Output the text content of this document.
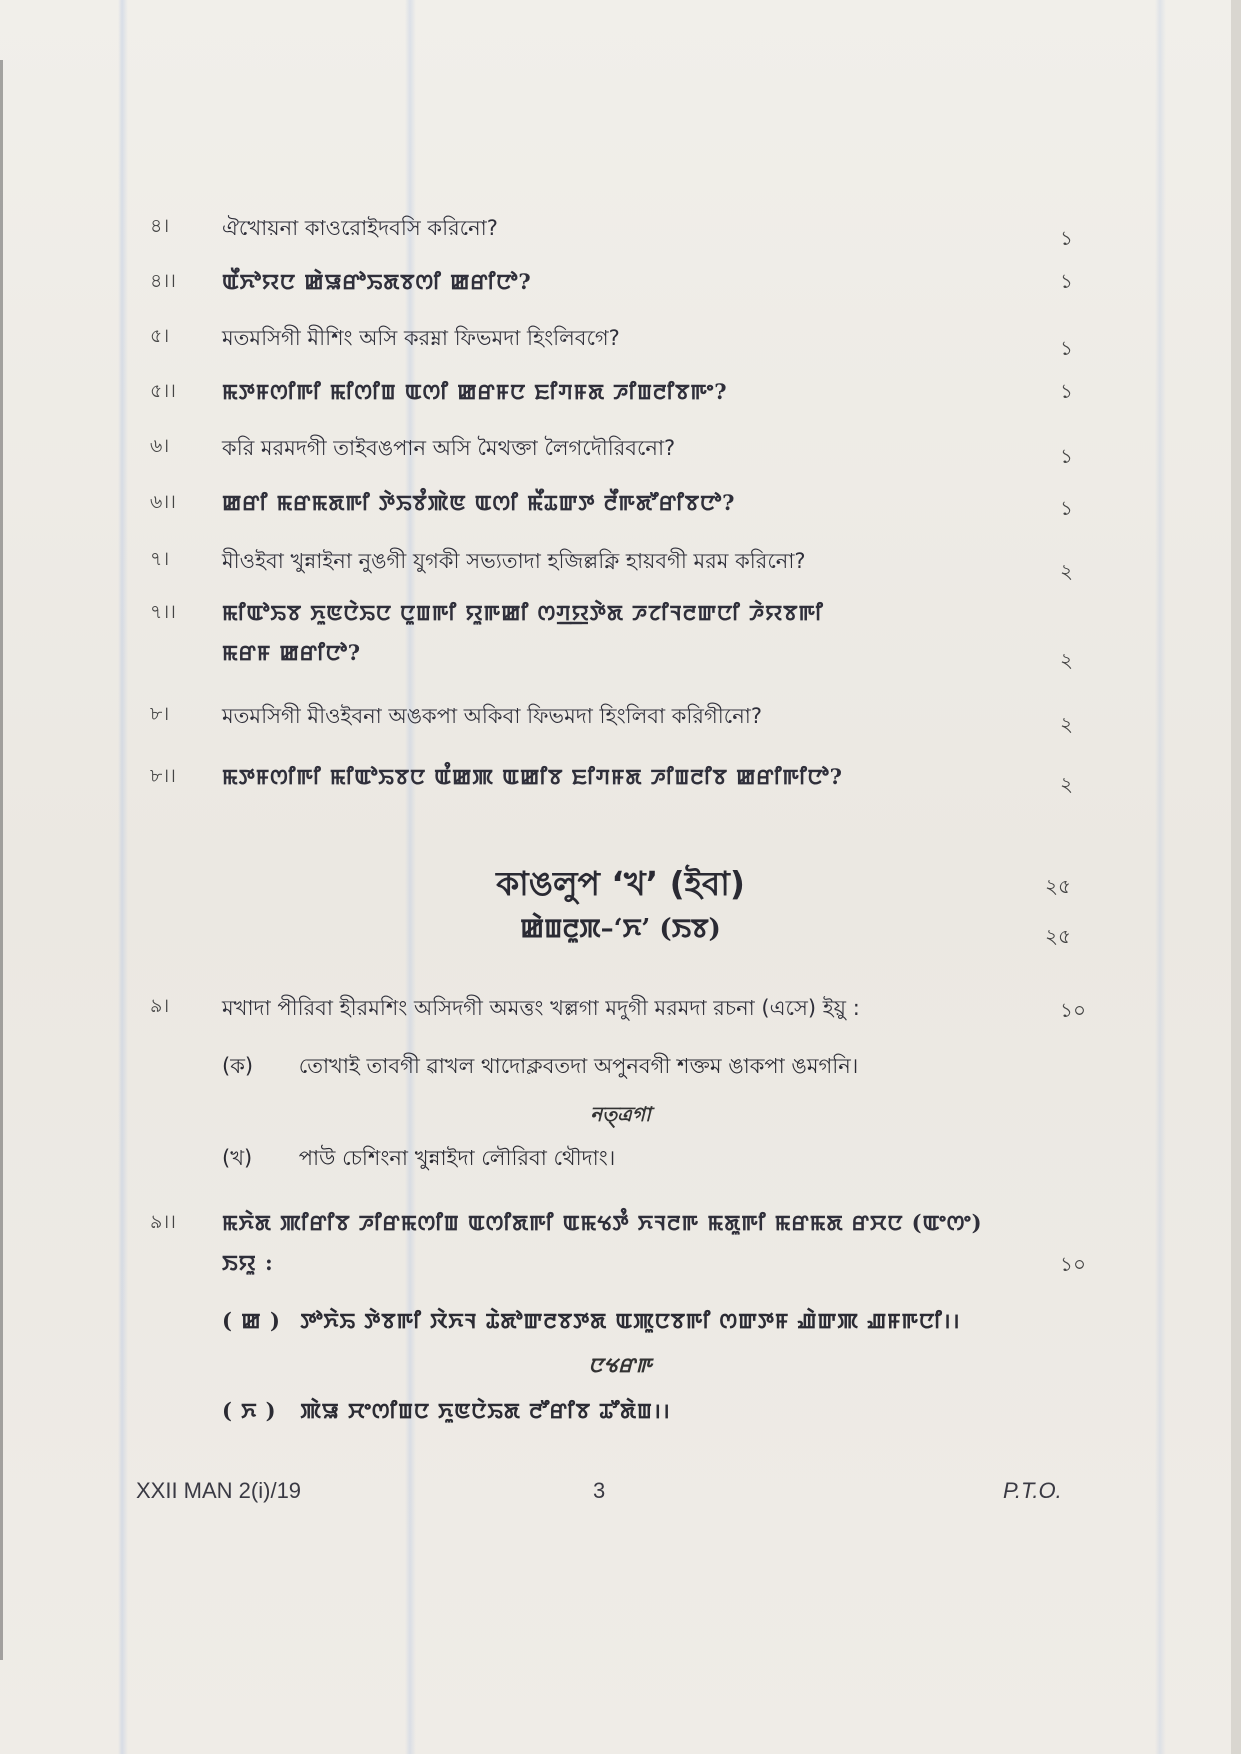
৪।	ঐখোয়না কাওরোইদবসি করিনো?	১
৪।। ꯑꯩꯈꯣꯌꯅ ꯀꯥꯎꯔꯣꯢꯗꯕꯁꯤ ꯀꯔꯤꯅꯣ?	১
৫।	মতমসিগী মীশিং অসি করম্না ফিভমদা হিংলিবগে?	১
৫।। ꯃꯇꯝꯁꯤꯒꯤ ꯃꯤꯁꯤꯡ ꯑꯁꯤ ꯀꯔꯝꯅ ꯐꯤꯚꯝꯗ ꯍꯤꯡꯂꯤꯕꯒꯦ?	১
৬।	করি মরমদগী তাইবঙপান অসি মৈথক্তা লৈগদৌরিবনো?	১
৬।। ꯀꯔꯤ ꯃꯔꯃꯗꯒꯤ ꯇꯥꯢꯕꯪꯄꯥꯟ ꯑꯁꯤ ꯃꯩꯊꯛꯇ ꯂꯩꯒꯗꯧꯔꯤꯕꯅꯣ?	১
৭।	মীওইবা খুন্নাইনা নুঙগী যুগকী সভ্যতাদা হজিল্লক্নি হায়বগী মরম করিনো?	২
৭।। ꯃꯤꯑꯣꯢꯕ ꯈꯨꯟꯅꯥꯢꯅ ꯅꯨꯡꯒꯤ ꯌꯨꯒꯀꯤ ꯁꯚ꯭ꯌꯇꯥꯗ ꯍꯖꯤꯜꯂꯛꯅꯤ ꯍꯥꯌꯕꯒꯤ
ꯃꯔꯝ ꯀꯔꯤꯅꯣ?	২
৮।	মতমসিগী মীওইবনা অঙকপা অকিবা ফিভমদা হিংলিবা করিগীনো?	২
৮।। ꯃꯇꯝꯁꯤꯒꯤ ꯃꯤꯑꯣꯢꯕꯅ ꯑꯪꯀꯄ ꯑꯀꯤꯕ ꯐꯤꯚꯝꯗ ꯍꯤꯡꯂꯤꯕ ꯀꯔꯤꯒꯤꯅꯣ?	২
কাঙলুপ ‘খ’ (ইবা)	২৫
ꯀꯥꯡꯂꯨꯞ–‘ꯈ’ (ꯏꯕ)	২৫
৯।	মখাদা পীরিবা হীরমশিং অসিদগী অমত্তং খল্লগা মদুগী মরমদা রচনা (এসে) ইয়ু :	১০
(ক) তোখাই তাবগী ৱাখল থাদোক্লবতদা অপুনবগী শক্তম ঙাকপা ঙমগনি।
নত্ত্রগা
(খ) পাউ চেশিংনা খুন্নাইদা লৌরিবা থৌদাং।
৯।। ꯃꯈꯥꯗ ꯄꯤꯔꯤꯕ ꯍꯤꯔꯃꯁꯤꯡ ꯑꯁꯤꯗꯒꯤ ꯑꯃꯠꯇꯪ ꯈꯜꯂꯒ ꯃꯗꯨꯒꯤ ꯃꯔꯃꯗ ꯔꯆꯅ (ꯑꯦꯁꯦ)
ꯏꯌꯨ :	১০
( ꯀ ) ꯇꯣꯈꯥꯢ ꯇꯥꯕꯒꯤ ꯋꯥꯈꯜ ꯊꯥꯗꯣꯛꯂꯕꯇꯗ ꯑꯄꯨꯅꯕꯒꯤ ꯁꯛꯇꯝ ꯉꯥꯛꯄ ꯉꯝꯒꯅꯤ।।
ꯅꯠꯔꯒ
( ꯈ ) ꯄꯥꯎ ꯆꯦꯁꯤꯡꯅ ꯈꯨꯟꯅꯥꯢꯗ ꯂꯧꯔꯤꯕ ꯊꯧꯗꯥꯡ।।
XXII MAN 2(i)/19	3	P.T.O.
